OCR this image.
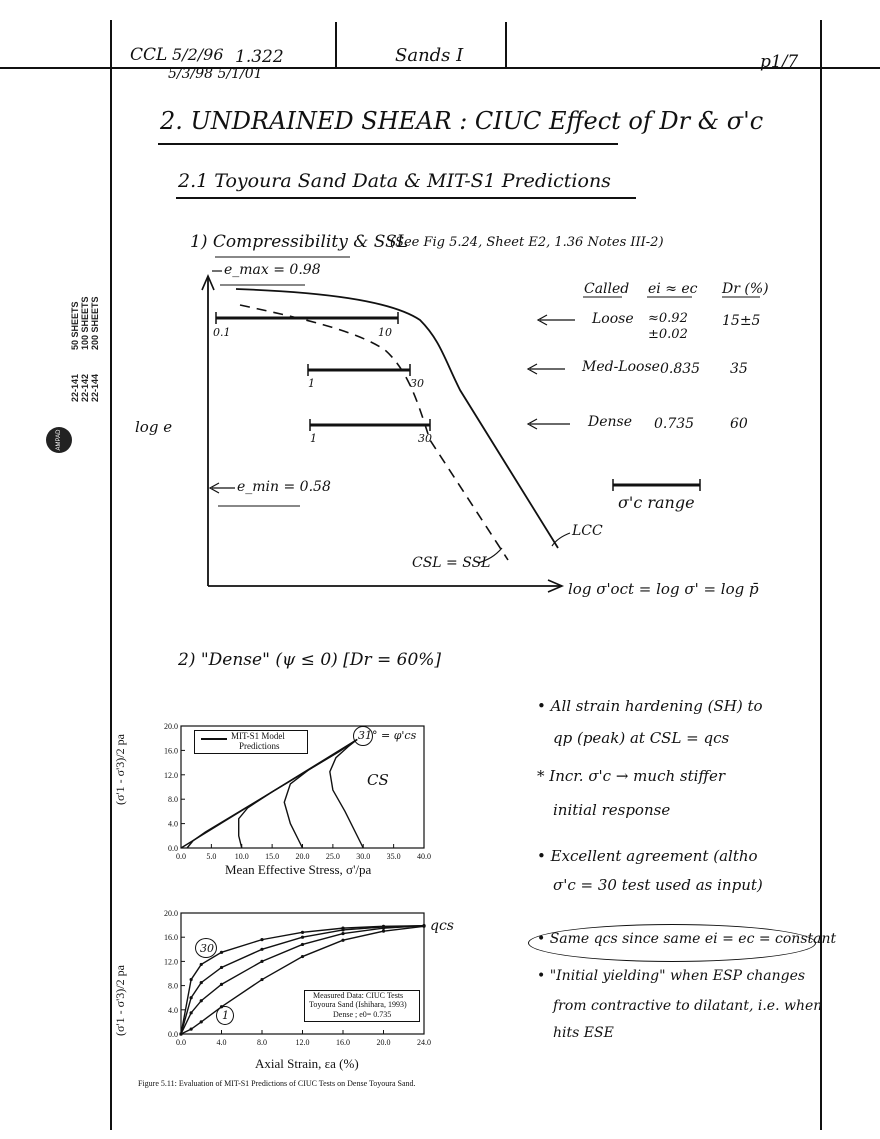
CCL 5/2/96 1.322
5/3/98 5/1/01
Sands I	p1/7
50 SHEETS 100 SHEETS 200 SHEETS
22-141 22-142 22-144
AMPAD
2. UNDRAINED SHEAR : CIUC Effect of Dr & σ'c
2.1 Toyoura Sand Data & MIT-S1 Predictions
1) Compressibility & SSL
(See Fig 5.24, Sheet E2, 1.36 Notes III-2)
e_max = 0.98
e_min = 0.58
log e
log σ'oct = log σ' = log p̄
CSL = SSL
LCC
σ'c range
0.1	10
1	30
1	30
Called ei ≈ ec Dr (%)
Loose ≈0.92 ±0.02
15±5
Med-Loose 0.835 35
Dense 0.735	60
2) "Dense" (ψ ≤ 0) [Dr = 60%]
• All strain hardening (SH) to
qp (peak) at CSL = qcs
* Incr. σ'c → much stiffer
initial response
• Excellent agreement (altho
σ'c = 30 test used as input)
• Same qcs since same ei = ec = constant
• "Initial yielding" when ESP changes
from contractive to dilatant, i.e. when
hits ESE
0.0	5.0 10.0 15.0 20.0 25.0 30.0 35.0 40.0
0.0
4.0
8.0
12.0
16.0
20.0
(σ'1 - σ'3)/2 pa
Mean Effective Stress, σ'/pa
MIT-S1 Model
Predictions
31° = φ'cs
CS
0.0	4.0	8.0	12.0	16.0	20.0	24.0
0.0
4.0
8.0
12.0
16.0
20.0
(σ'1 - σ'3)/2 pa
Axial Strain, εa (%)
Measured Data: CIUC Tests
Toyoura Sand (Ishihara, 1993)
Dense ; e0= 0.735
qcs
30
1
Figure 5.11: Evaluation of MIT-S1 Predictions of CIUC Tests on Dense Toyoura Sand.
